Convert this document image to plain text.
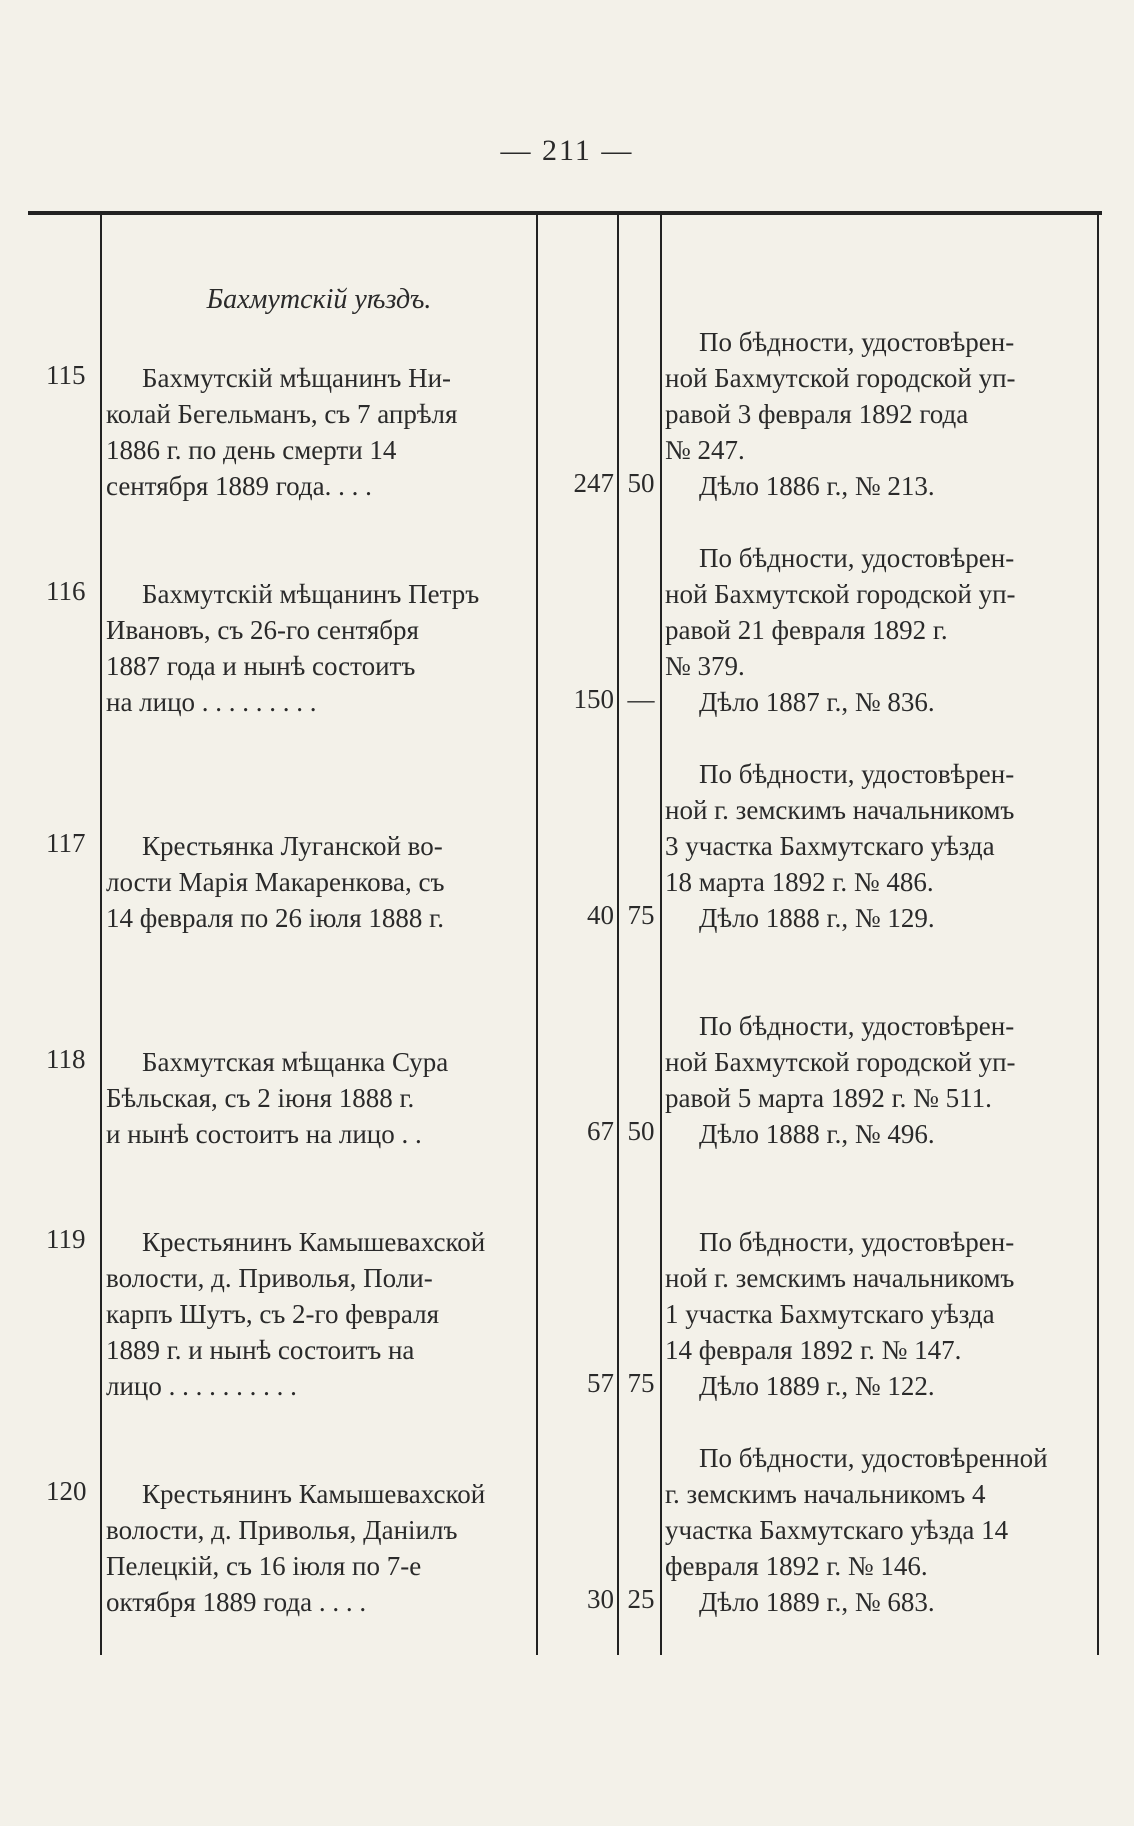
— 211 —
Бахмутскій уѣздъ.
115	Бахмутскій мѣщанинъ Ни-
колай Бегельманъ, съ 7 апрѣля
1886 г. по день смерти 14
сентября 1889 года. . . .	247 50
По бѣдности, удостовѣрен-
ной Бахмутской городской уп-
равой 3 февраля 1892 года
№ 247.
Дѣло 1886 г., № 213.
116	Бахмутскій мѣщанинъ Петръ
Ивановъ, съ 26-го сентября
1887 года и нынѣ состоитъ
на лицо . . . . . . . . .	150 —
По бѣдности, удостовѣрен-
ной Бахмутской городской уп-
равой 21 февраля 1892 г.
№ 379.
Дѣло 1887 г., № 836.
117	Крестьянка Луганской во-
лости Марія Макаренкова, съ
14 февраля по 26 іюля 1888 г.	40 75
По бѣдности, удостовѣрен-
ной г. земскимъ начальникомъ
3 участка Бахмутскаго уѣзда
18 марта 1892 г. № 486.
Дѣло 1888 г., № 129.
118	Бахмутская мѣщанка Сура
Бѣльская, съ 2 іюня 1888 г.
и нынѣ состоитъ на лицо . .	67 50
По бѣдности, удостовѣрен-
ной Бахмутской городской уп-
равой 5 марта 1892 г. № 511.
Дѣло 1888 г., № 496.
119	Крестьянинъ Камышевахской
волости, д. Приволья, Поли-
карпъ Шутъ, съ 2-го февраля
1889 г. и нынѣ состоитъ на
лицо . . . . . . . . . .	57 75
По бѣдности, удостовѣрен-
ной г. земскимъ начальникомъ
1 участка Бахмутскаго уѣзда
14 февраля 1892 г. № 147.
Дѣло 1889 г., № 122.
120	Крестьянинъ Камышевахской
волости, д. Приволья, Даніилъ
Пелецкій, съ 16 іюля по 7-е
октября 1889 года . . . .	30 25
По бѣдности, удостовѣренной
г. земскимъ начальникомъ 4
участка Бахмутскаго уѣзда 14
февраля 1892 г. № 146.
Дѣло 1889 г., № 683.
